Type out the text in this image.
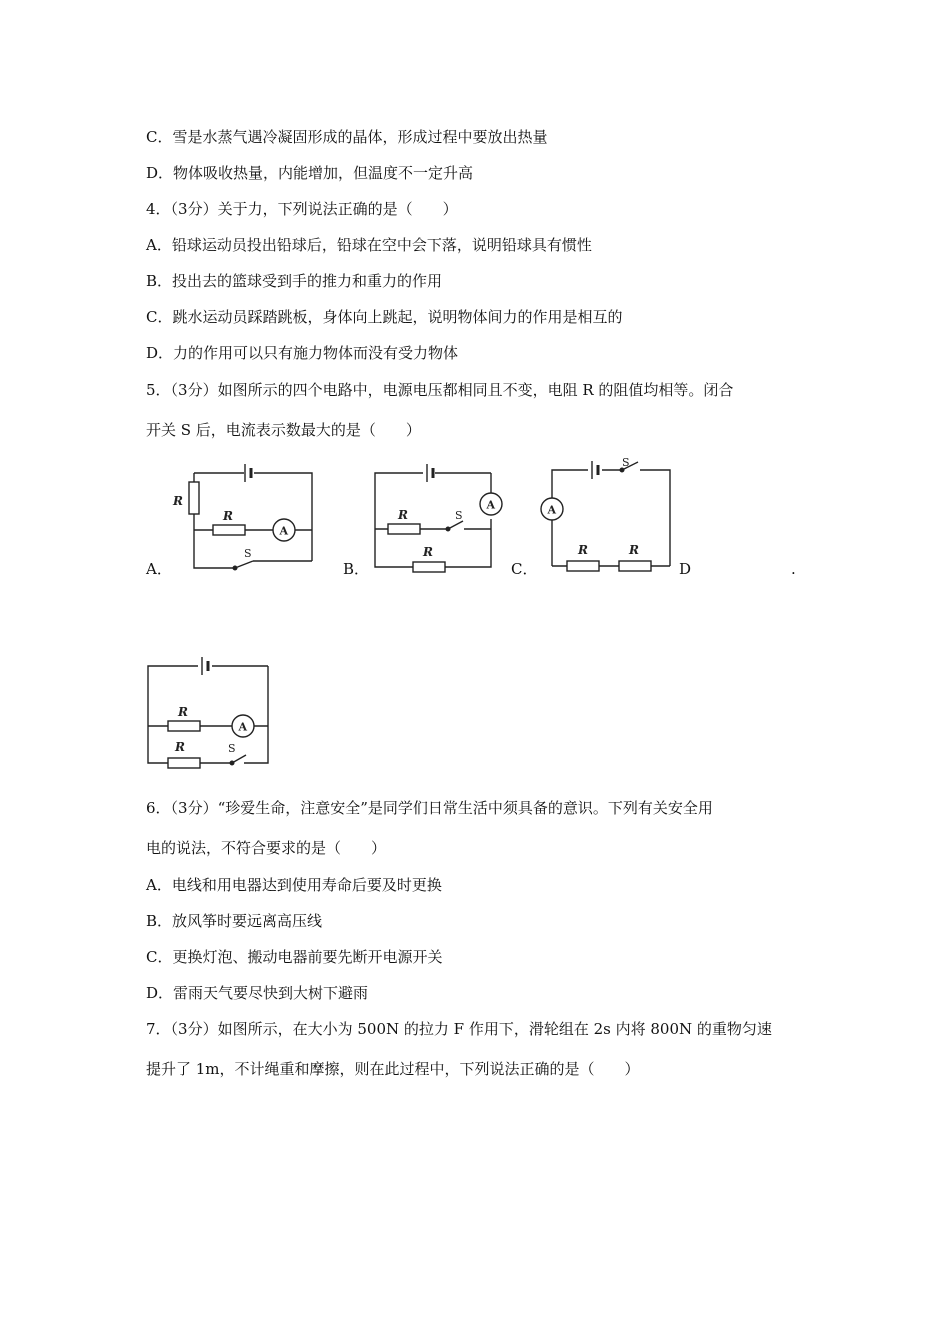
C．雪是水蒸气遇冷凝固形成的晶体，形成过程中要放出热量
D．物体吸收热量，内能增加，但温度不一定升高
4．（3分）关于力，下列说法正确的是（　　）
A．铅球运动员投出铅球后，铅球在空中会下落，说明铅球具有惯性
B．投出去的篮球受到手的推力和重力的作用
C．跳水运动员踩踏跳板，身体向上跳起，说明物体间力的作用是相互的
D．力的作用可以只有施力物体而没有受力物体
5．（3分）如图所示的四个电路中，电源电压都相同且不变，电阻 R 的阻值均相等。闭合
开关 S 后，电流表示数最大的是（　　）
R
R
A
S
A．
A
R	S
R
B．
S
A
R	R
C．	D	.
R
A
R	S
6．（3分）“珍爱生命，注意安全”是同学们日常生活中须具备的意识。下列有关安全用
电的说法，不符合要求的是（　　）
A．电线和用电器达到使用寿命后要及时更换
B．放风筝时要远离高压线
C．更换灯泡、搬动电器前要先断开电源开关
D．雷雨天气要尽快到大树下避雨
7．（3分）如图所示，在大小为 500N 的拉力 F 作用下，滑轮组在 2s 内将 800N 的重物匀速
提升了 1m，不计绳重和摩擦，则在此过程中，下列说法正确的是（　　）
